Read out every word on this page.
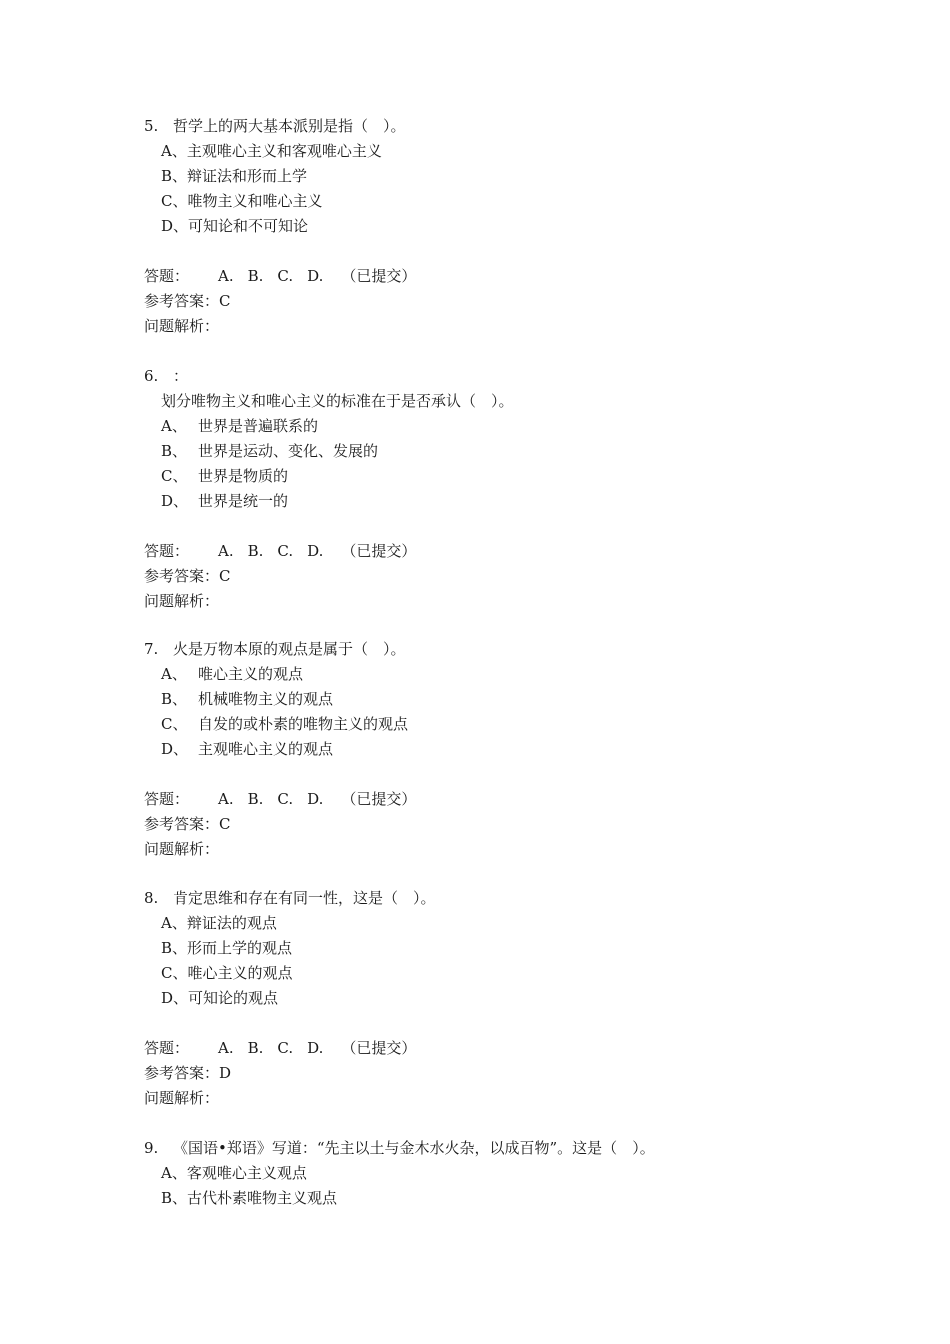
5. 哲学上的两大基本派别是指（　）。
A、主观唯心主义和客观唯心主义
B、辩证法和形而上学
C、唯物主义和唯心主义
D、可知论和不可知论
答题： A. B. C. D. （已提交）
参考答案：C
问题解析：
6. ：
划分唯物主义和唯心主义的标准在于是否承认（　）。
A、 世界是普遍联系的
B、 世界是运动、变化、发展的
C、 世界是物质的
D、 世界是统一的
答题： A. B. C. D. （已提交）
参考答案：C
问题解析：
7. 火是万物本原的观点是属于（　）。
A、 唯心主义的观点
B、 机械唯物主义的观点
C、 自发的或朴素的唯物主义的观点
D、 主观唯心主义的观点
答题： A. B. C. D. （已提交）
参考答案：C
问题解析：
8. 肯定思维和存在有同一性，这是（　）。
A、辩证法的观点
B、形而上学的观点
C、唯心主义的观点
D、可知论的观点
答题： A. B. C. D. （已提交）
参考答案：D
问题解析：
9. 《国语•郑语》写道：“先主以土与金木水火杂，以成百物”。这是（　）。
A、客观唯心主义观点
B、古代朴素唯物主义观点
